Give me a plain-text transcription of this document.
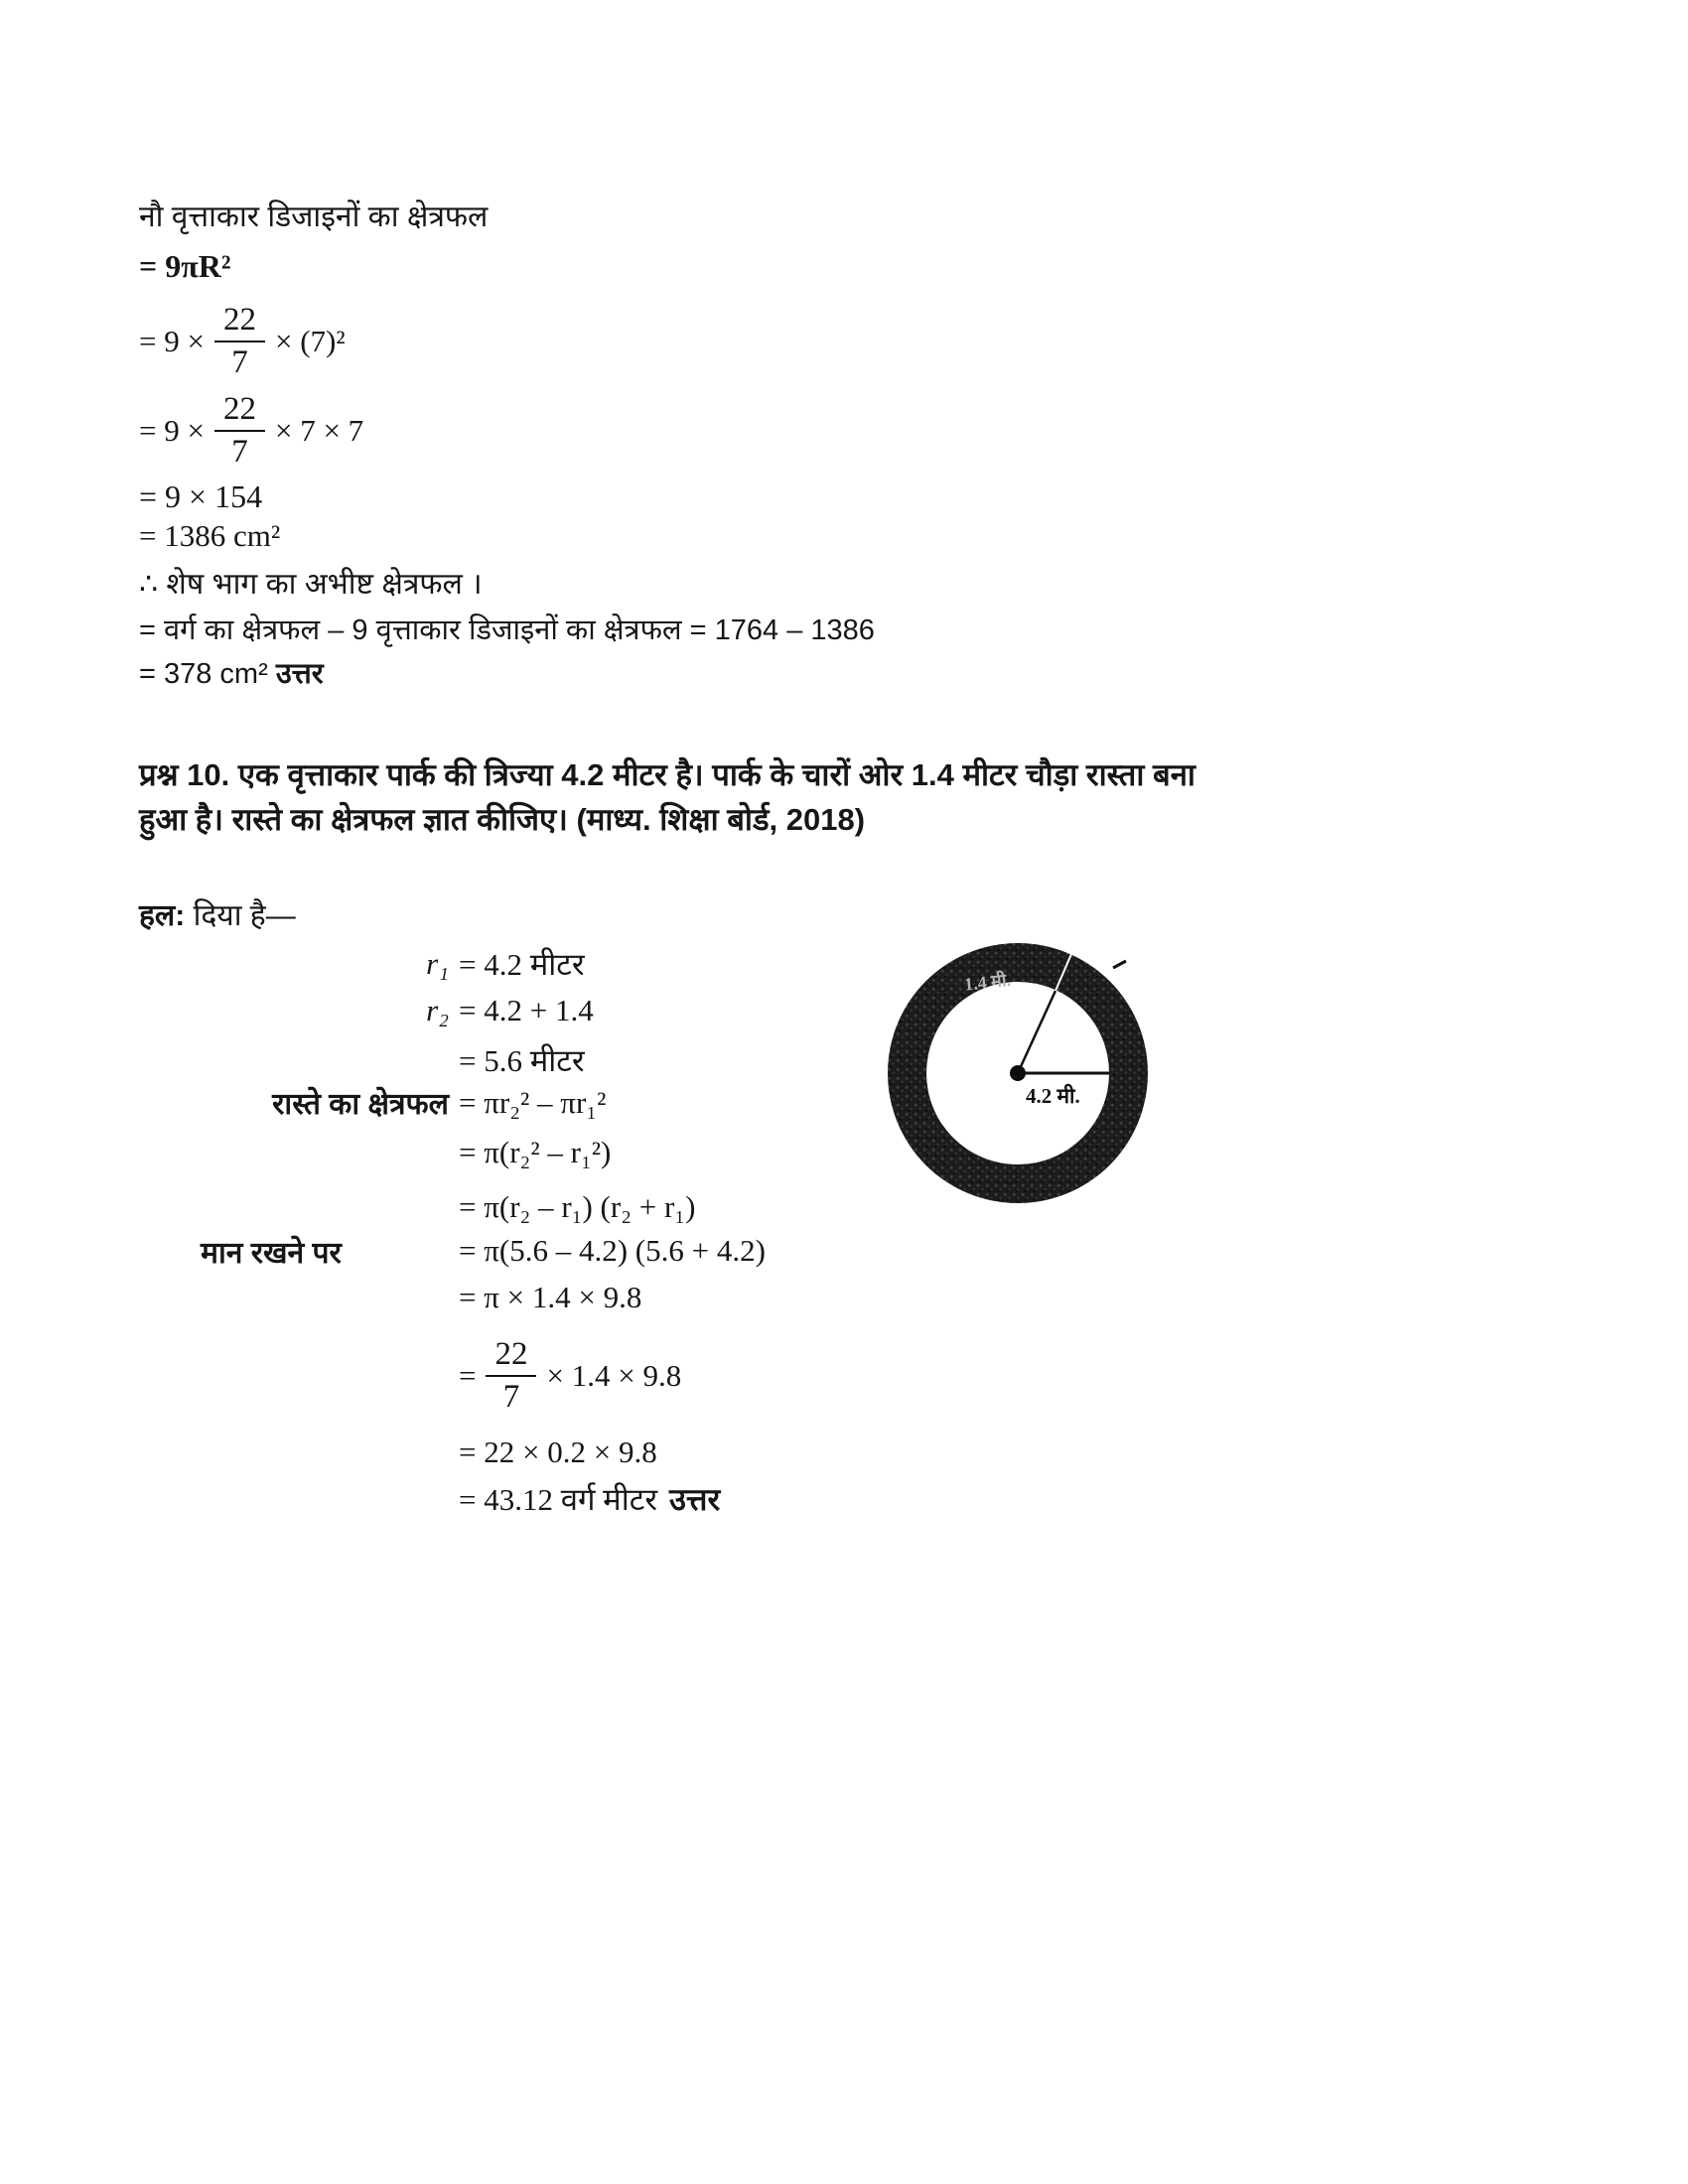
नौ वृत्ताकार डिजाइनों का क्षेत्रफल
= 9πR²
= $9 \times \frac{22}{7} \times (7)^2$
= $9 \times \frac{22}{7} \times 7 \times 7$
= 9 × 154
= 1386 cm²
∴ शेष भाग का अभीष्ट क्षेत्रफल ।
= वर्ग का क्षेत्रफल – 9 वृत्ताकार डिजाइनों का क्षेत्रफल = 1764 – 1386
= 378 cm² उत्तर
प्रश्न 10. एक वृत्ताकार पार्क की त्रिज्या 4.2 मीटर है। पार्क के चारों ओर 1.4 मीटर चौड़ा रास्ता बना
हुआ है। रास्ते का क्षेत्रफल ज्ञात कीजिए। (माध्य. शिक्षा बोर्ड, 2018)
हल: दिया है—
r₁ = 4.2 मीटर
r₂ = 4.2 + 1.4
= 5.6 मीटर
रास्ते का क्षेत्रफल = πr₂² – πr₁²
= π(r₂² – r₁²)
= π(r₂ – r₁) (r₂ + r₁)
मान रखने पर	= π(5.6 – 4.2) (5.6 + 4.2)
= π × 1.4 × 9.8
= $\frac{22}{7} \times 1.4 \times 9.8$
= 22 × 0.2 × 9.8
= 43.12 वर्ग मीटर उत्तर
1.4 मी.
4.2 मी.
